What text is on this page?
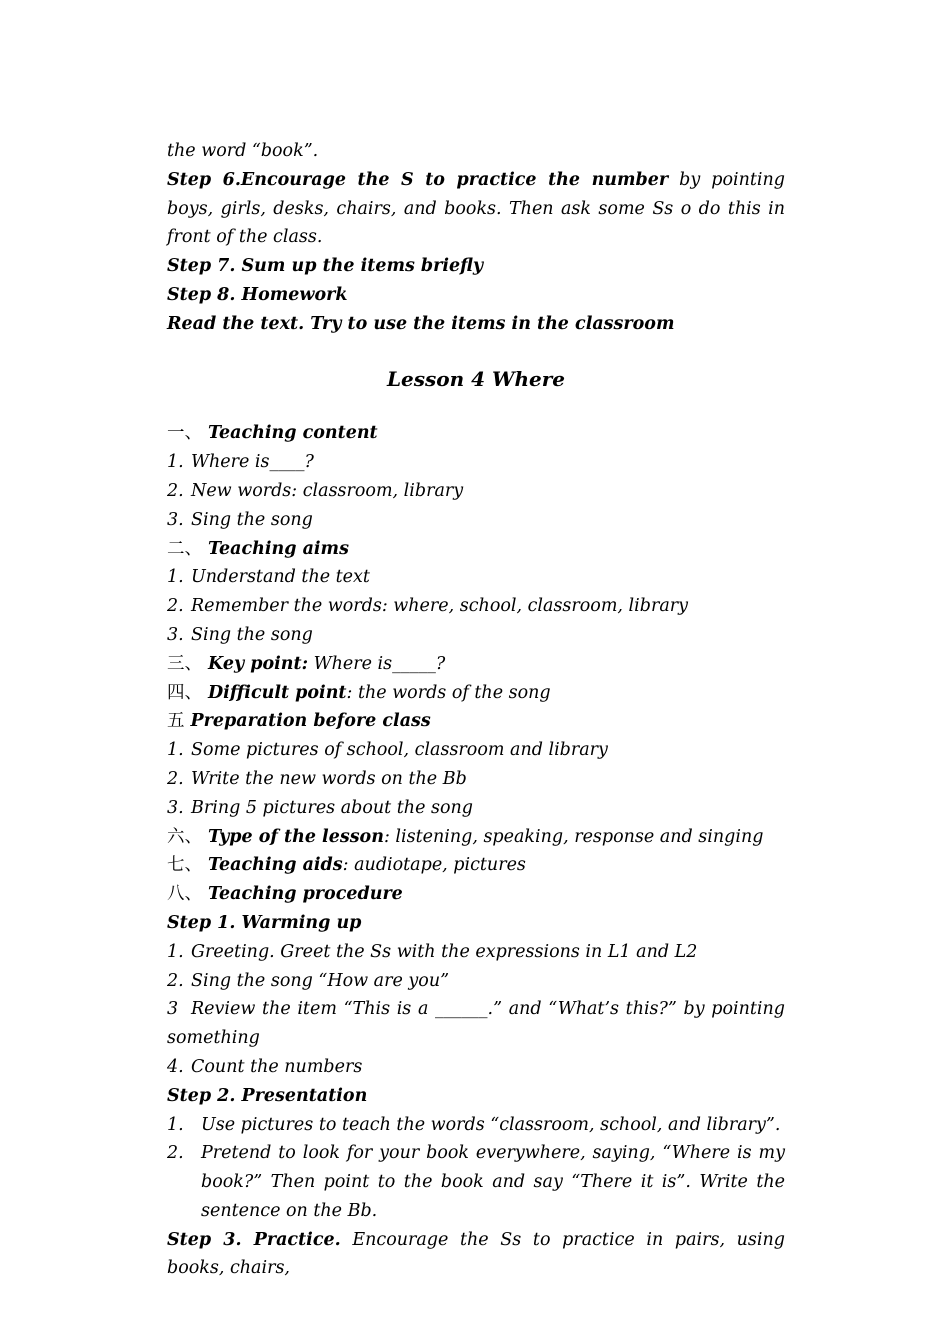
the word “book”.
Step 6.Encourage the S to practice the number by pointing boys, girls, desks, chairs, and books. Then ask some Ss o do this in front of the class.
Step 7. Sum up the items briefly
Step 8. Homework
Read the text. Try to use the items in the classroom
Lesson 4 Where
一、 Teaching content
1. Where is____?
2. New words: classroom, library
3. Sing the song
二、 Teaching aims
1. Understand the text
2. Remember the words: where, school, classroom, library
3. Sing the song
三、 Key point: Where is_____?
四、 Difficult point: the words of the song
五 Preparation before class
1. Some pictures of school, classroom and library
2. Write the new words on the Bb
3. Bring 5 pictures about the song
六、 Type of the lesson: listening, speaking, response and singing
七、 Teaching aids: audiotape, pictures
八、 Teaching procedure
Step 1. Warming up
1. Greeting. Greet the Ss with the expressions in L1 and L2
2. Sing the song “How are you”
3 Review the item “This is a ______.” and “What’s this?” by pointing something
4. Count the numbers
Step 2. Presentation
1. Use pictures to teach the words “classroom, school, and library”.
2. Pretend to look for your book everywhere, saying, “Where is my book?” Then point to the book and say “There it is”. Write the sentence on the Bb.
Step 3. Practice. Encourage the Ss to practice in pairs, using books, chairs,
